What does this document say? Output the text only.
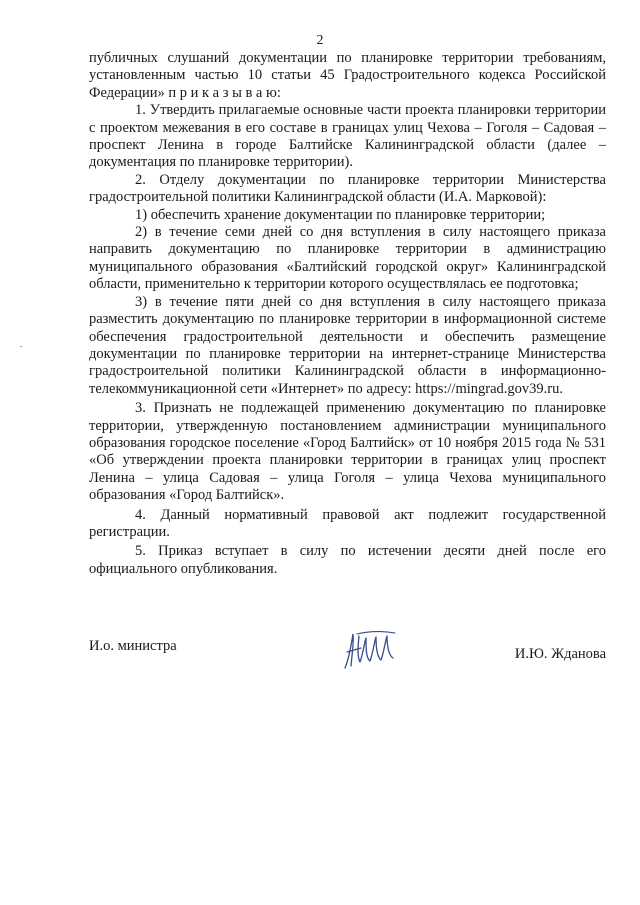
2

публичных слушаний документации по планировке территории требованиям, установленным частью 10 статьи 45 Градостроительного кодекса Российской Федерации» п р и к а з ы в а ю:

1. Утвердить прилагаемые основные части проекта планировки территории с проектом межевания в его составе в границах улиц Чехова – Гоголя – Садовая – проспект Ленина в городе Балтийске Калининградской области (далее – документация по планировке территории).

2. Отделу документации по планировке территории Министерства градостроительной политики Калининградской области (И.А. Марковой):

1) обеспечить хранение документации по планировке территории;

2) в течение семи дней со дня вступления в силу настоящего приказа направить документацию по планировке территории в администрацию муниципального образования «Балтийский городской округ» Калининградской области, применительно к территории которого осуществлялась ее подготовка;

3) в течение пяти дней со дня вступления в силу настоящего приказа разместить документацию по планировке территории в информационной системе обеспечения градостроительной деятельности и обеспечить размещение документации по планировке территории на интернет-странице Министерства градостроительной политики Калининградской области в информационно-телекоммуникационной сети «Интернет» по адресу: https://mingrad.gov39.ru.

3. Признать не подлежащей применению документацию по планировке территории, утвержденную постановлением администрации муниципального образования городское поселение «Город Балтийск» от 10 ноября 2015 года № 531 «Об утверждении проекта планировки территории в границах улиц проспект Ленина – улица Садовая – улица Гоголя – улица Чехова муниципального образования «Город Балтийск».

4. Данный нормативный правовой акт подлежит государственной регистрации.

5. Приказ вступает в силу по истечении десяти дней после его официального опубликования.

И.о. министра	И.Ю. Жданова
